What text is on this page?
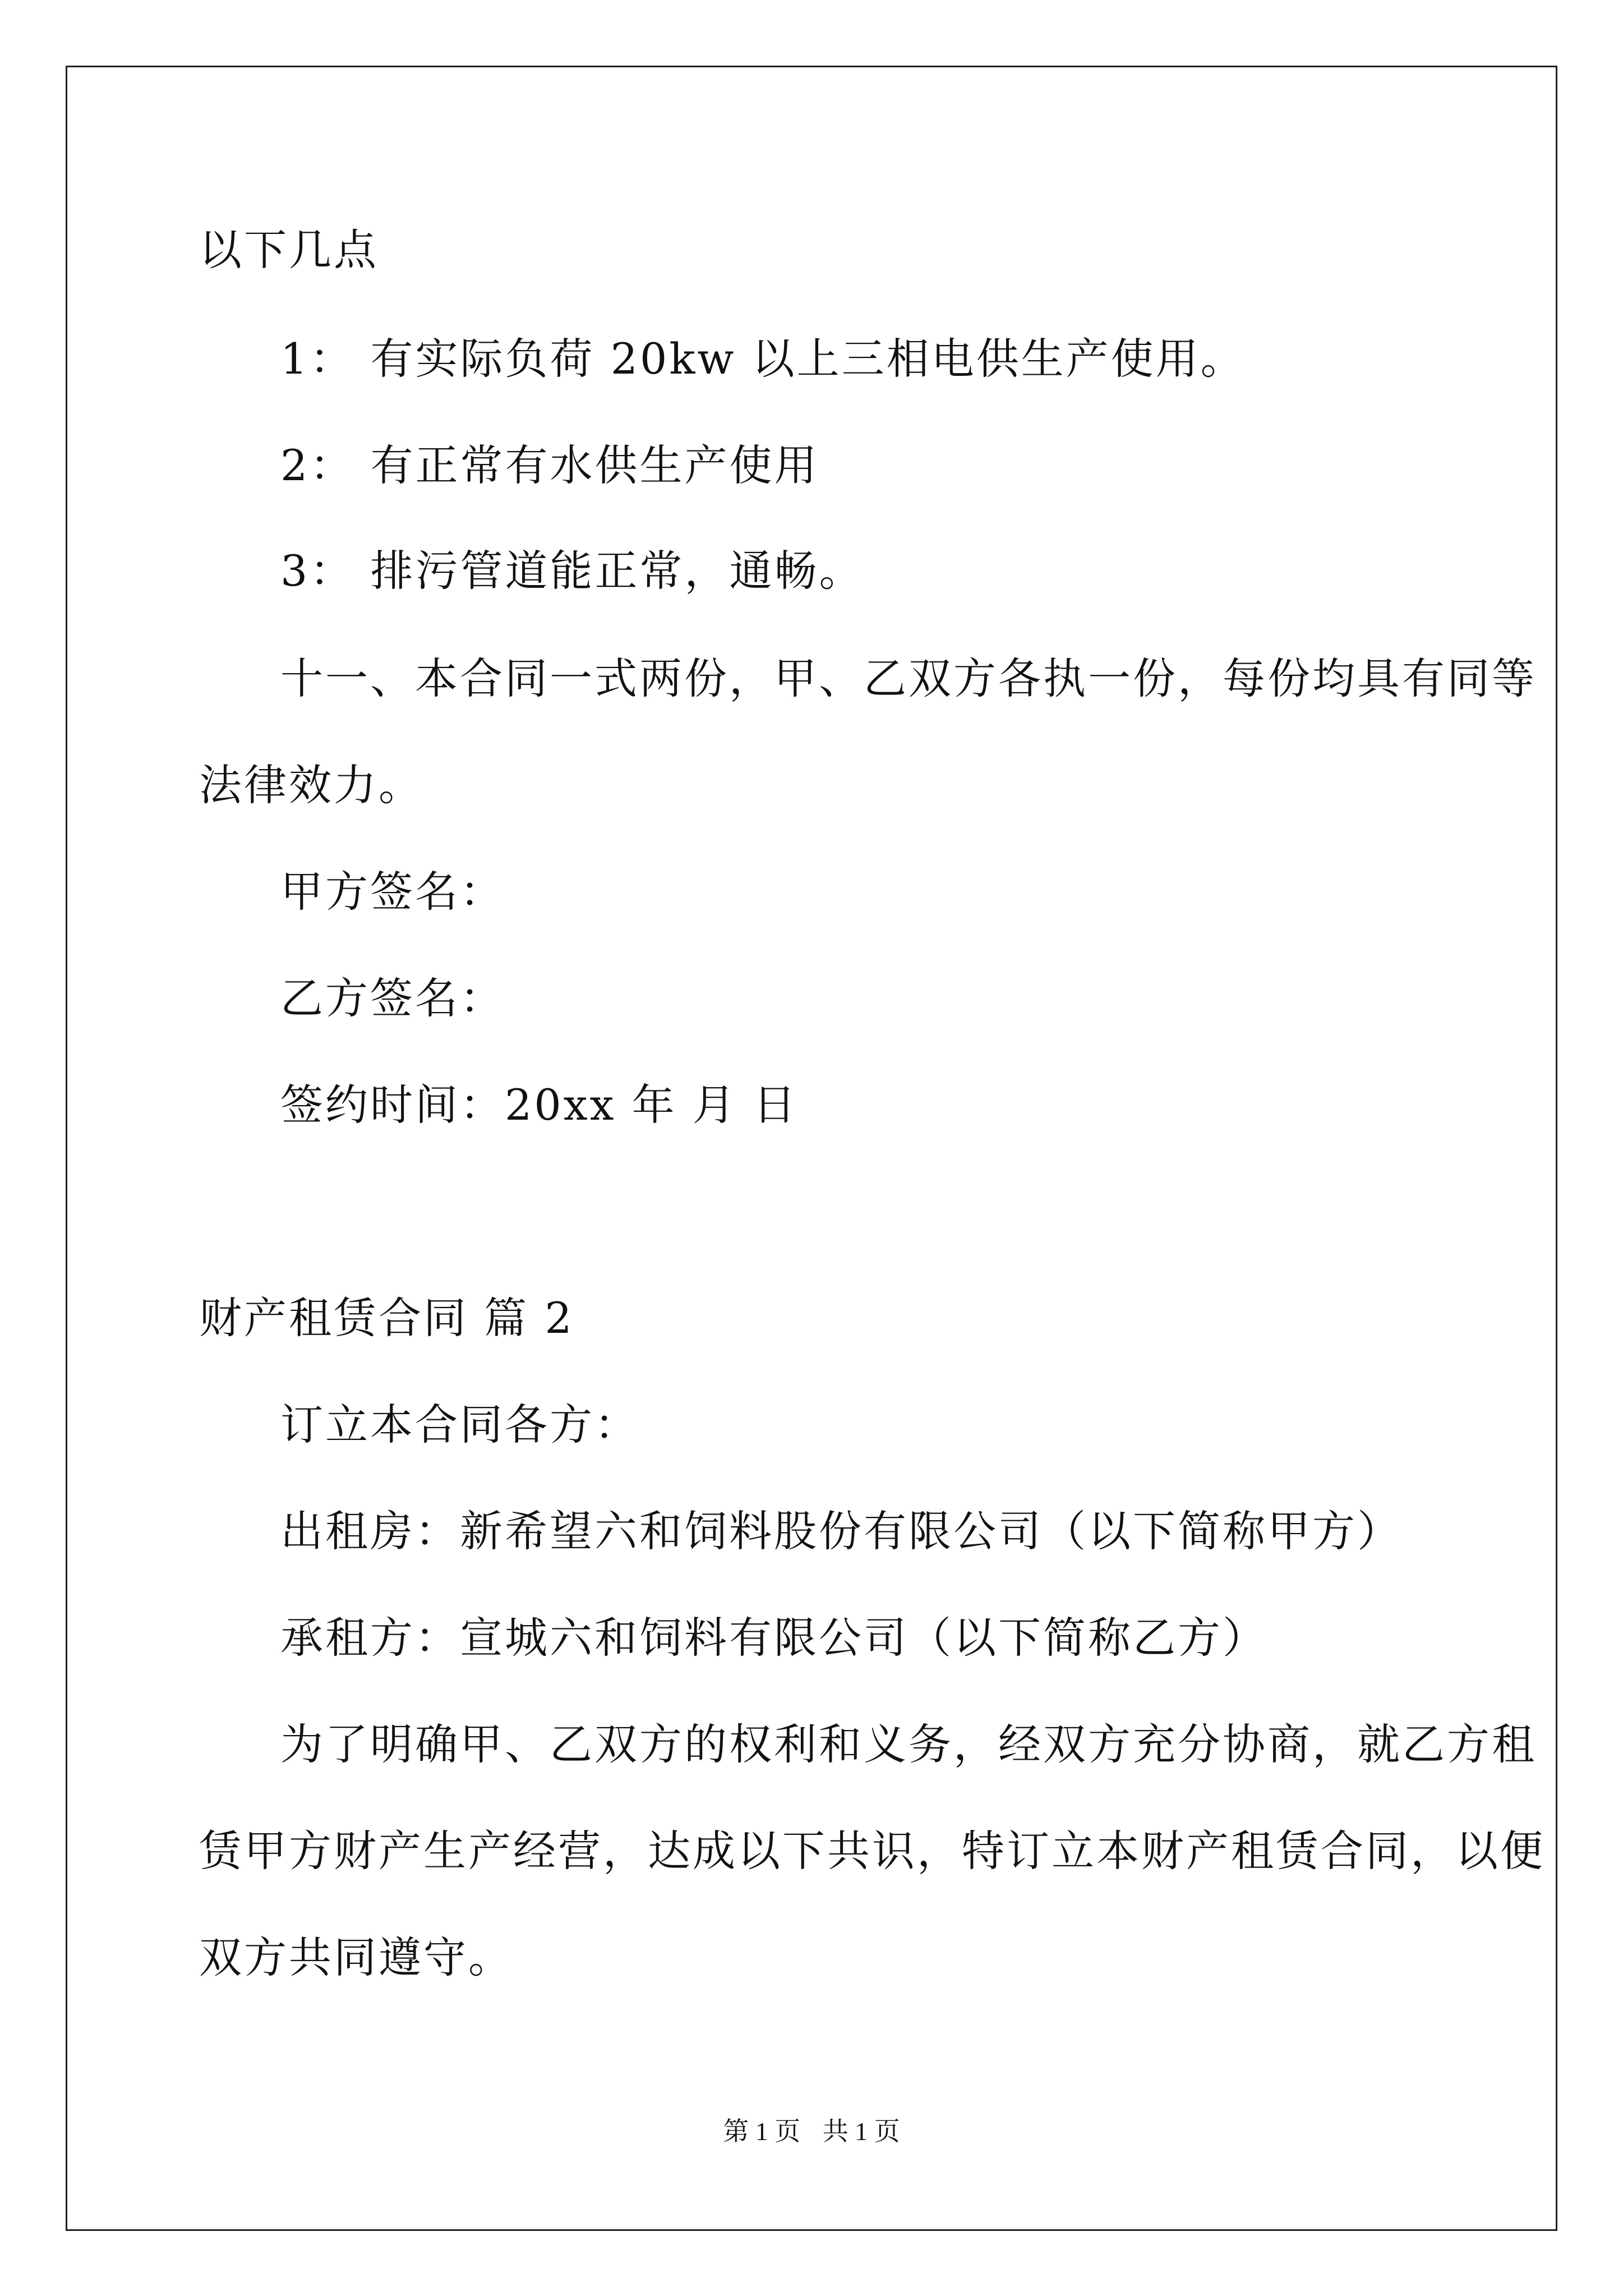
以下几点
1： 有实际负荷 20kw 以上三相电供生产使用。
2： 有正常有水供生产使用
3： 排污管道能正常，通畅。
十一、本合同一式两份，甲、乙双方各执一份，每份均具有同等
法律效力。
甲方签名：
乙方签名：
签约时间：20xx 年 月 日
财产租赁合同 篇 2
订立本合同各方：
出租房：新希望六和饲料股份有限公司（以下简称甲方）
承租方：宣城六和饲料有限公司（以下简称乙方）
为了明确甲、乙双方的权利和义务，经双方充分协商，就乙方租
赁甲方财产生产经营，达成以下共识，特订立本财产租赁合同，以便
双方共同遵守。
第 1 页 共 1 页
